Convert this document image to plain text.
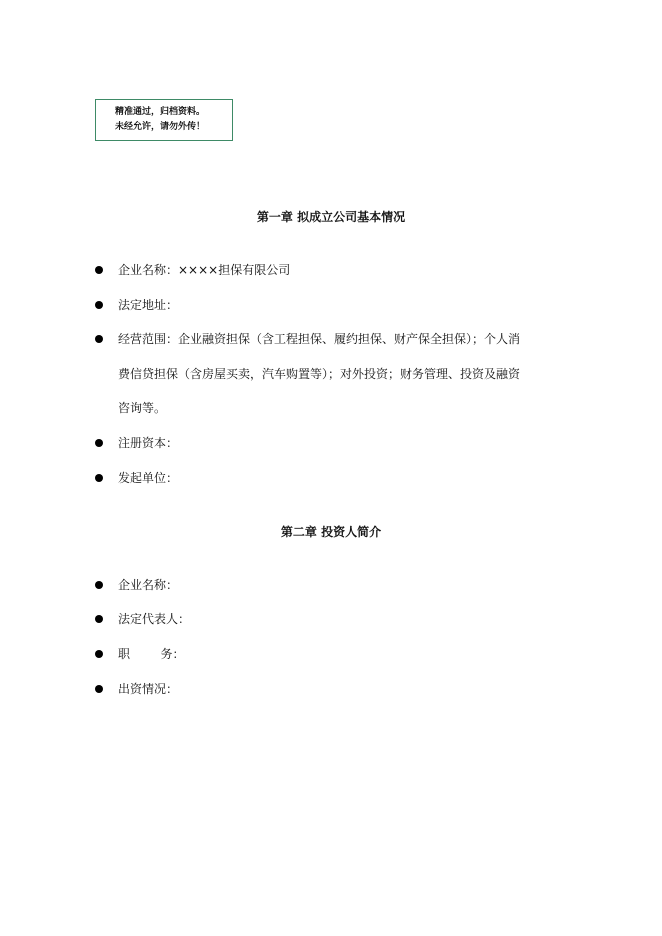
精准通过，归档资料。
未经允许，请勿外传！
第一章 拟成立公司基本情况
企业名称：××××担保有限公司
法定地址：
经营范围：企业融资担保（含工程担保、履约担保、财产保全担保）；个人消
费信贷担保（含房屋买卖，汽车购置等）；对外投资；财务管理、投资及融资
咨询等。
注册资本：
发起单位：
第二章 投资人简介
企业名称：
法定代表人：
职        务：
出资情况：
